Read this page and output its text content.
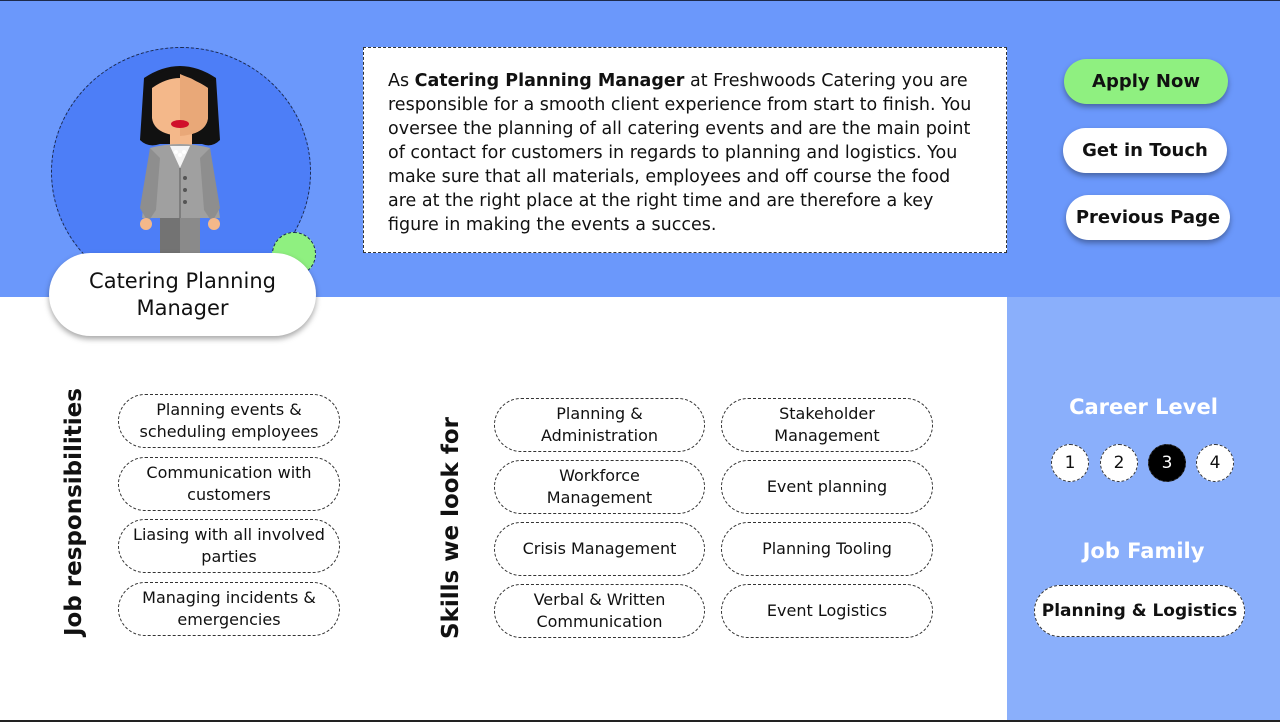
Catering Planning Manager
As Catering Planning Manager at Freshwoods Catering you are responsible for a smooth client experience from start to finish. You oversee the planning of all catering events and are the main point of contact for customers in regards to planning and logistics. You make sure that all materials, employees and off course the food are at the right place at the right time and are therefore a key figure in making the events a succes.
Apply Now
Get in Touch
Previous Page
Job responsibilities	Planning events & scheduling employees
Communication with customers
Liasing with all involved parties
Managing incidents & emergencies	Skills we look for
Planning & Administration
Stakeholder Management
Workforce Management
Event planning
Crisis Management	Planning Tooling
Verbal & Written Communication
Event Logistics
Career Level
1	2	3	4
Job Family
Planning & Logistics
